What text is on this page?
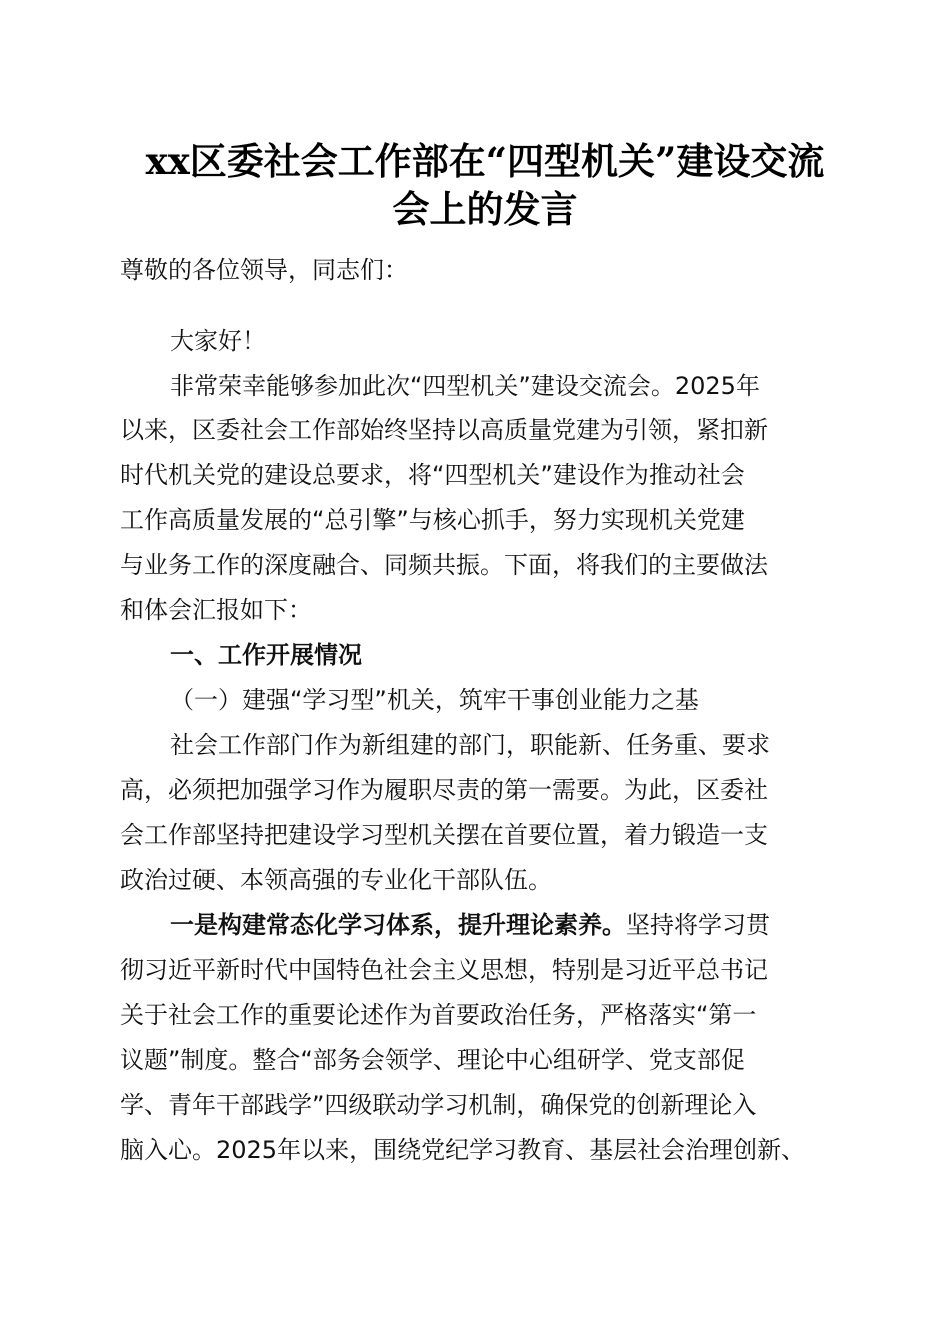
xx区委社会工作部在“四型机关”建设交流
会上的发言
尊敬的各位领导，同志们：
大家好！
非常荣幸能够参加此次“四型机关”建设交流会。2025年
以来，区委社会工作部始终坚持以高质量党建为引领，紧扣新
时代机关党的建设总要求，将“四型机关”建设作为推动社会
工作高质量发展的“总引擎”与核心抓手，努力实现机关党建
与业务工作的深度融合、同频共振。下面，将我们的主要做法
和体会汇报如下：
一、工作开展情况
（一）建强“学习型”机关，筑牢干事创业能力之基
社会工作部门作为新组建的部门，职能新、任务重、要求
高，必须把加强学习作为履职尽责的第一需要。为此，区委社
会工作部坚持把建设学习型机关摆在首要位置，着力锻造一支
政治过硬、本领高强的专业化干部队伍。
一是构建常态化学习体系，提升理论素养。坚持将学习贯
彻习近平新时代中国特色社会主义思想，特别是习近平总书记
关于社会工作的重要论述作为首要政治任务，严格落实“第一
议题”制度。整合“部务会领学、理论中心组研学、党支部促
学、青年干部践学”四级联动学习机制，确保党的创新理论入
脑入心。2025年以来，围绕党纪学习教育、基层社会治理创新、
